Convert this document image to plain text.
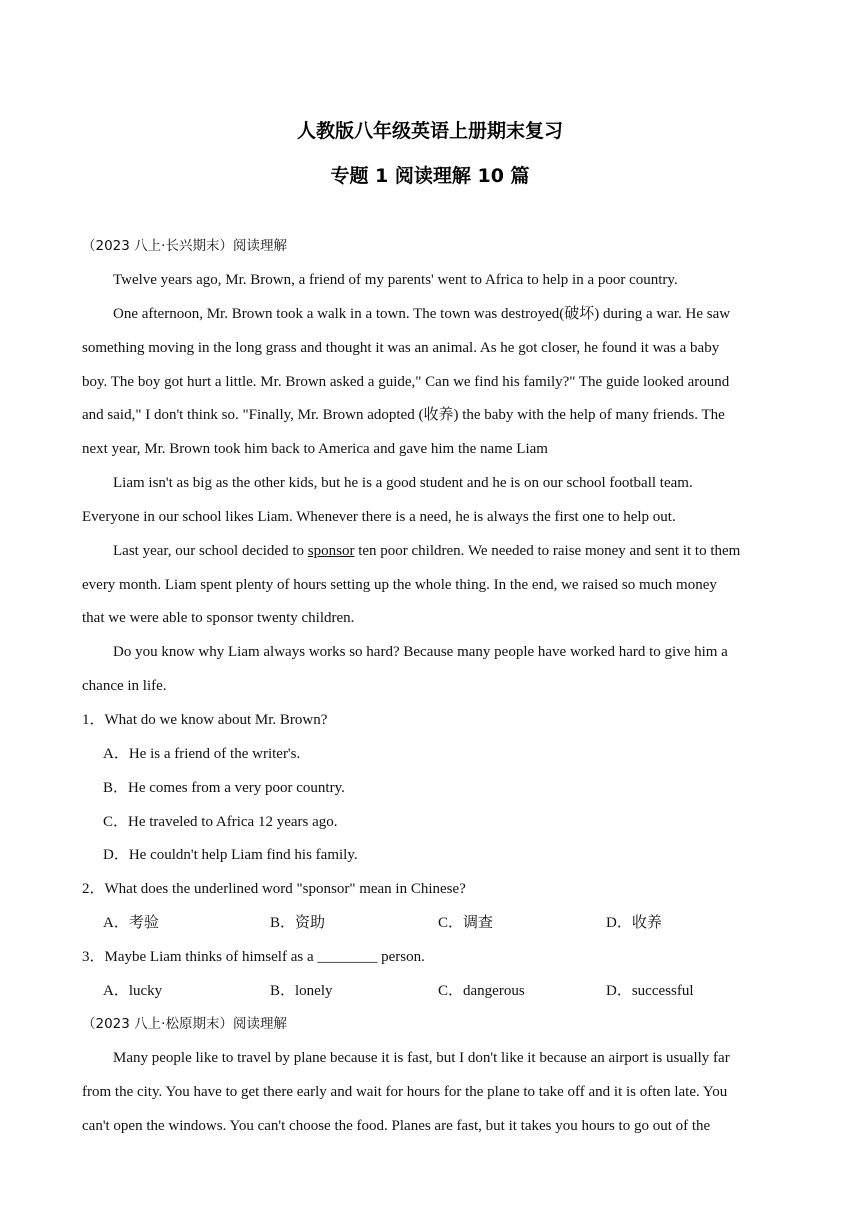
人教版八年级英语上册期末复习
专题 1 阅读理解 10 篇
（2023 八上·长兴期末）阅读理解
Twelve years ago, Mr. Brown, a friend of my parents' went to Africa to help in a poor country.
One afternoon, Mr. Brown took a walk in a town. The town was destroyed(破坏) during a war. He saw
something moving in the long grass and thought it was an animal. As he got closer, he found it was a baby
boy. The boy got hurt a little. Mr. Brown asked a guide," Can we find his family?" The guide looked around
and said," I don't think so. "Finally, Mr. Brown adopted (收养) the baby with the help of many friends. The
next year, Mr. Brown took him back to America and gave him the name Liam
Liam isn't as big as the other kids, but he is a good student and he is on our school football team.
Everyone in our school likes Liam. Whenever there is a need, he is always the first one to help out.
Last year, our school decided to sponsor ten poor children. We needed to raise money and sent it to them
every month. Liam spent plenty of hours setting up the whole thing. In the end, we raised so much money
that we were able to sponsor twenty children.
Do you know why Liam always works so hard? Because many people have worked hard to give him a
chance in life.
1．What do we know about Mr. Brown?
A．He is a friend of the writer's.
B．He comes from a very poor country.
C．He traveled to Africa 12 years ago.
D．He couldn't help Liam find his family.
2．What does the underlined word "sponsor" mean in Chinese?
A．考验	B．资助	C．调查	D．收养
3．Maybe Liam thinks of himself as a ________ person.
A．lucky	B．lonely	C．dangerous	D．successful
（2023 八上·松原期末）阅读理解
Many people like to travel by plane because it is fast, but I don't like it because an airport is usually far
from the city. You have to get there early and wait for hours for the plane to take off and it is often late. You
can't open the windows. You can't choose the food. Planes are fast, but it takes you hours to go out of the
